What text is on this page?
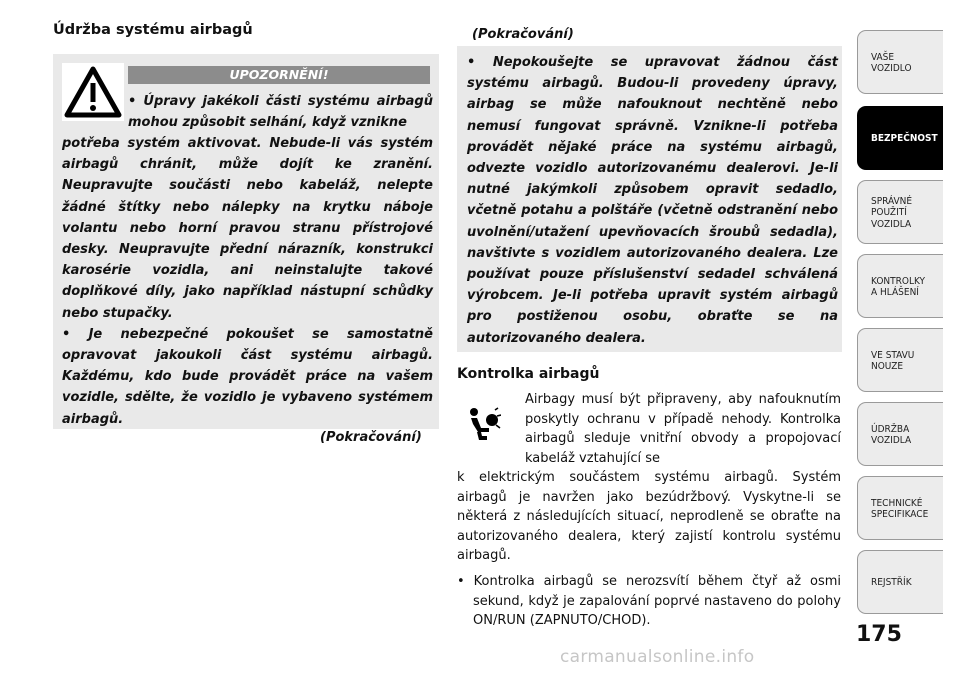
Údržba systému airbagů
UPOZORNĚNÍ!
• Úpravy jakékoli části systému airbagů mohou způsobit selhání, když vznikne
potřeba systém aktivovat. Nebude-li vás systém airbagů chránit, může dojít ke zranění. Neupravujte součásti nebo kabeláž, nelepte žádné štítky nebo nálepky na krytku náboje volantu nebo horní pravou stranu přístrojové desky. Neupravujte přední nárazník, konstrukci karosérie vozidla, ani neinstalujte takové doplňkové díly, jako například nástupní schůdky nebo stupačky.
• Je nebezpečné pokoušet se samostatně opravovat jakoukoli část systému airbagů. Každému, kdo bude provádět práce na vašem vozidle, sdělte, že vozidlo je vybaveno systémem airbagů.
(Pokračování)
(Pokračování)
• Nepokoušejte se upravovat žádnou část systému airbagů. Budou-li provedeny úpravy, airbag se může nafouknout nechtěně nebo nemusí fungovat správně. Vznikne-li potřeba provádět nějaké práce na systému airbagů, odvezte vozidlo autorizovanému dealerovi. Je-li nutné jakýmkoli způsobem opravit sedadlo, včetně potahu a polštáře (včetně odstranění nebo uvolnění/utažení upevňovacích šroubů sedadla), navštivte s vozidlem autorizovaného dealera. Lze používat pouze příslušenství sedadel schválená výrobcem. Je-li potřeba upravit systém airbagů pro postiženou osobu, obraťte se na autorizovaného dealera.
Kontrolka airbagů
Airbagy musí být připraveny, aby nafouknutím poskytly ochranu v případě nehody. Kontrolka airbagů sleduje vnitřní obvody a propojovací kabeláž vztahující se
k elektrickým součástem systému airbagů. Systém airbagů je navržen jako bezúdržbový. Vyskytne-li se některá z následujících situací, neprodleně se obraťte na autorizovaného dealera, který zajistí kontrolu systému airbagů.
• Kontrolka airbagů se nerozsvítí během čtyř až osmi sekund, když je zapalování poprvé nastaveno do polohy ON/RUN (ZAPNUTO/CHOD).
VAŠE
VOZIDLO
BEZPEČNOST
SPRÁVNÉ
POUŽITÍ
VOZIDLA
KONTROLKY
A HLÁŠENÍ
VE STAVU
NOUZE
ÚDRŽBA
VOZIDLA
TECHNICKÉ
SPECIFIKACE
REJSTŘÍK
175
carmanualsonline.info
